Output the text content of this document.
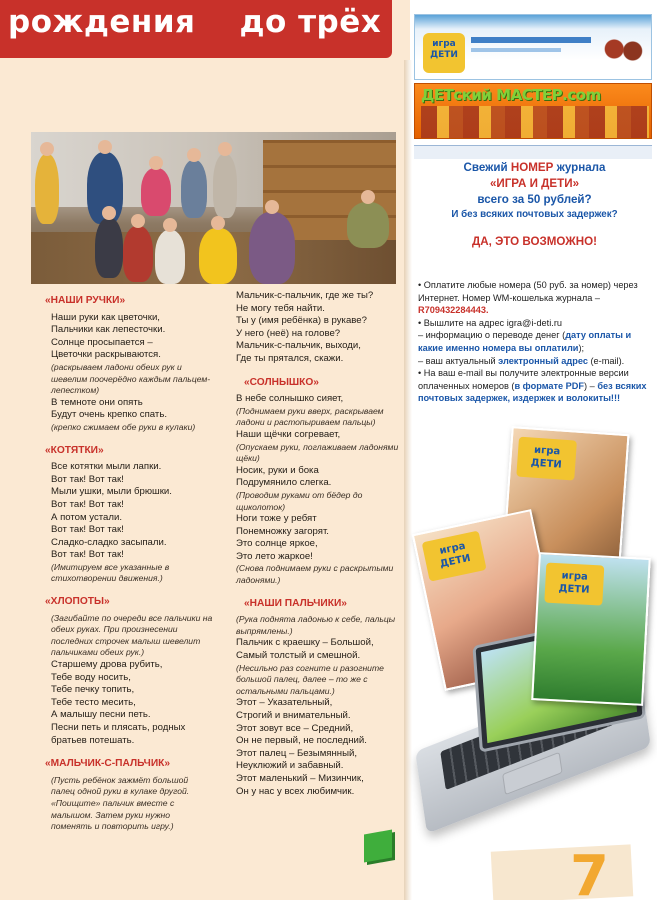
рождения до трёх
«НАШИ РУЧКИ»
Наши руки как цветочки,
Пальчики как лепесточки.
Солнце просыпается –
Цветочки раскрываются.
(раскрываем ладони обеих рук и шевелим поочерёдно каждым пальцем-лепестком)
В темноте они опять
Будут очень крепко спать.
(крепко сжимаем обе руки в кулаки)
«КОТЯТКИ»
Все котятки мыли лапки.
Вот так! Вот так!
Мыли ушки, мыли брюшки.
Вот так! Вот так!
А потом устали.
Вот так! Вот так!
Сладко-сладко засыпали.
Вот так! Вот так!
(Имитируем все указанные в стихотворении движения.)
«ХЛОПОТЫ»
(Загибайте по очереди все пальчики на обеих руках. При произнесении последних строчек малыш шевелит пальчиками обеих рук.)
Старшему дрова рубить,
Тебе воду носить,
Тебе печку топить,
Тебе тесто месить,
А малышу песни петь.
Песни петь и плясать, родных братьев потешать.
«МАЛЬЧИК-С-ПАЛЬЧИК»
(Пусть ребёнок зажмёт большой палец одной руки в кулаке другой. «Поищите» пальчик вместе с малышом. Затем руки нужно поменять и повторить игру.)
Мальчик-с-пальчик, где же ты?
Не могу тебя найти.
Ты у (имя ребёнка) в рукаве?
У него (неё) на голове?
Мальчик-с-пальчик, выходи,
Где ты прятался, скажи.
«СОЛНЫШКО»
В небе солнышко сияет,
(Поднимаем руки вверх, раскрываем ладони и растопыриваем пальцы)
Наши щёчки согревает,
(Опускаем руки, поглаживаем ладонями щёки)
Носик, руки и бока
Подрумянило слегка.
(Проводим руками от бёдер до щиколоток)
Ноги тоже у ребят
Понемножку загорят.
Это солнце яркое,
Это лето жаркое!
(Снова поднимаем руки с раскрытыми ладонями.)
«НАШИ ПАЛЬЧИКИ»
(Рука поднята ладонью к себе, пальцы выпрямлены.)
Пальчик с краешку – Большой,
Самый толстый и смешной.
(Несильно раз согните и разогните большой палец, далее – то же с остальными пальцами.)
Этот – Указательный,
Строгий и внимательный.
Этот зовут все – Средний,
Он не первый, не последний.
Этот палец – Безымянный,
Неуклюжий и забавный.
Этот маленький – Мизинчик,
Он у нас у всех любимчик.
игра ДЕТИ
ДЕТский МАСТЕР.com
Свежий НОМЕР журнала
«ИГРА И ДЕТИ»
всего за 50 рублей?
И без всяких почтовых задержек?
ДА, ЭТО ВОЗМОЖНО!
• Оплатите любые номера (50 руб. за номер) через Интернет. Номер WM-кошелька журнала – R709432284443.
• Вышлите на адрес igra@i-deti.ru
– информацию о переводе денег (дату оплаты и какие именно номера вы оплатили);
– ваш актуальный электронный адрес (e-mail).
• На ваш e-mail вы получите электронные версии оплаченных номеров (в формате PDF) – без всяких почтовых задержек, издержек и волокиты!!!
игра ДЕТИ
игра ДЕТИ
игра ДЕТИ
7
